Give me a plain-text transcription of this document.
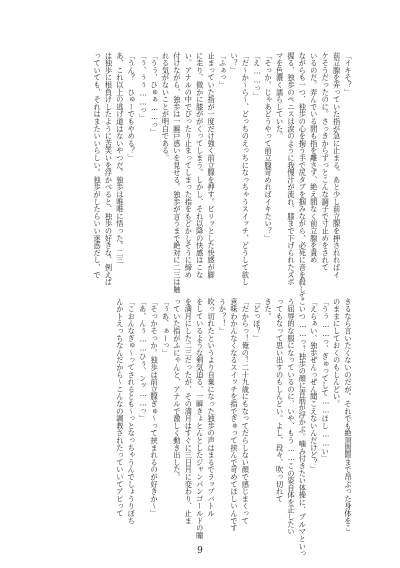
「イキそ？」
前立腺を弄っていた指が急に止まる。あと少し前立腺を押されればイ
ケそうだったのに。さっきからずっとこんな調子で寸止めをされて
いるのだ。弄んでいる間も指を離さず、絶え間なく前立腺を責め
ながらも一つ、独歩の心を掬う手で尻タブを掴みながら、必死に音を殺して
握る、独歩のペニスは涙のように我慢汁が流れ、膝まで下げられたズボ
マを色濃く濡らしていた。
「そっか。じゃあどうやって前立腺苛めればイキたい？」
「え……っ」
「だ～か～ら～、どっちのえっちになっちゃうスイッチ、どうして欲し
い？」
「ふぁっ」
止まっていた指が一度だけ強く前立腺を押す。ビリッとした快感が脚
に走り、微かに膝ががくってしまう。しかし、それ以降の快感はこな
い。アナルの中でぴったり止まってしまった指をもどかしそうに締め
付けながら、独歩は一瞬戸惑いを見せる。独歩が言うまで絶対に二三は触
れる気がないことが明白である。
「うぅ、ひゅぁ……っ」
「ぅ、ぅぅ……っ」
「うん？　ひゅーでもやめる？」
あ、これ以上の逃げ道はないやつだ。独歩は唯唯に悟った。二三
は独歩に根負けしたように苦笑いを浮かべると、独歩の好きな、例えば
っていても、それはまたいいらしい。独歩がしたらいい迷惑だし、で
きるなら言いたくないのだが。それでも絶頂間際まで昂ぶった身体をこ
のままにしておくのもしんどい。
「うぅ……っ、ぎゅってして……ほし……い」
「えらぁい、独歩ぜんっぜん聞こえないんだけど？」
こいつ……っ！独歩の顔に青筋が浮かぶ。噛み付きたい体操に、ブルマといっ
う屈辱的な服になっているのに、いや、もう……この姿自体を正したい
ってもなって思い出すのもしんどい。よし、段々、吹っ切れて
きた。
「どっぽ？」
「だからっ！俺の！二十九歳にもなってだらしない顔で感じまくって
意味わかんなくなるスイッチを指でぎゅって挟んで苛めてほしいんです
うか？！」
吹っ切れたというより自棄になった独歩の声はまるでラップバトル
をしているような剣気迫る、一瞬きょとんとしたジャンパンゴールドの瞳
を満月にした二三だったが、その満月はすぐに三日月に変わり、止ま
っていた指がふにゃんと、アナルで激しく動き出した。
「ぅあ、ぁーっ」
「そっかそっか。独歩は前立腺ぎゅ～って挟まれるのが好きか～」
「あ、んぅ……ひぅ、ンッ……っ」
「こおんなぎゅ～ってされるとも～っとなっちゃうんでしょうりぼち
んかトえっちなんだから～こんなの調教されたっていいてアピって
9
